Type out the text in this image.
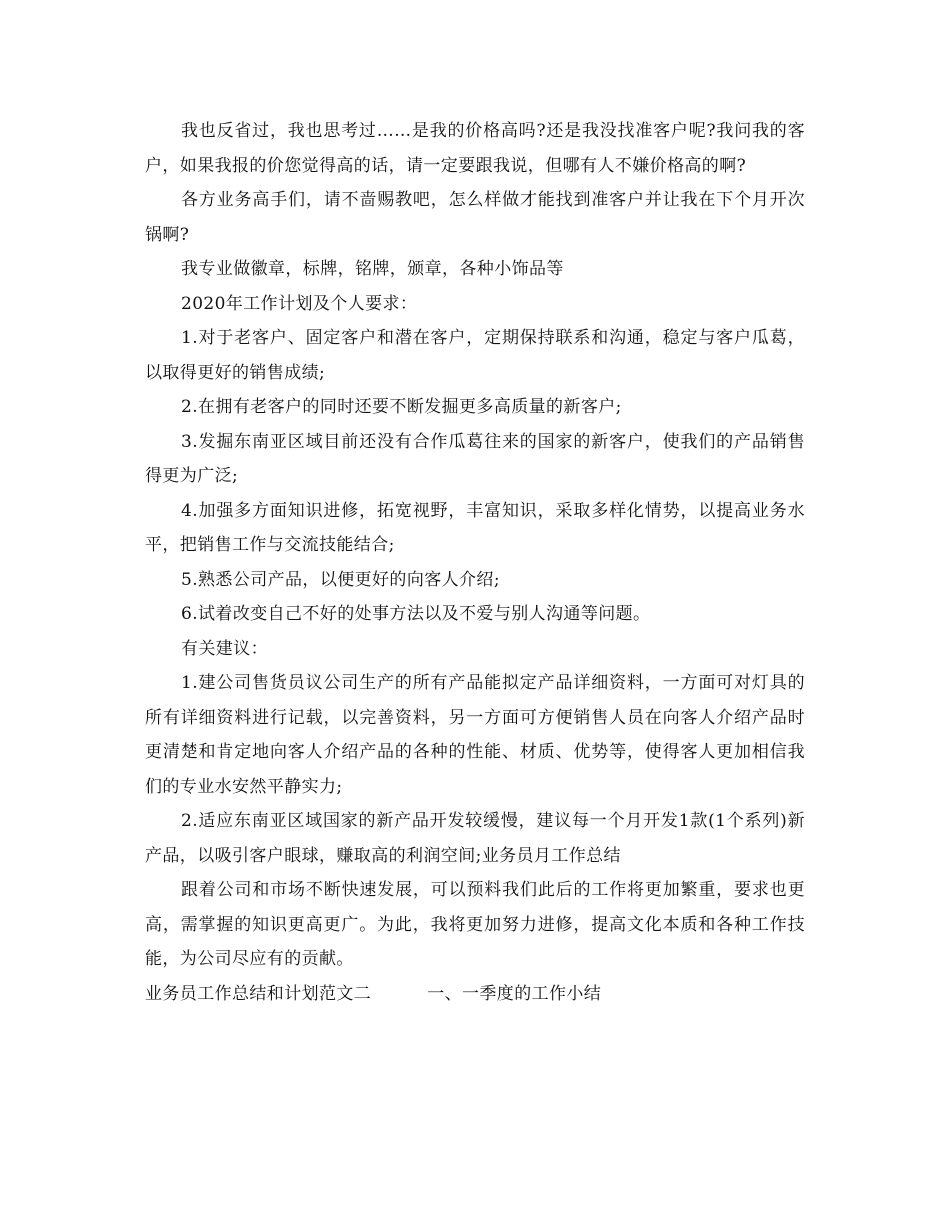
我也反省过，我也思考过……是我的价格高吗?还是我没找准客户呢?我问我的客户，如果我报的价您觉得高的话，请一定要跟我说，但哪有人不嫌价格高的啊?

各方业务高手们，请不啬赐教吧，怎么样做才能找到准客户并让我在下个月开次锅啊?

我专业做徽章，标牌，铭牌，颁章，各种小饰品等

2020年工作计划及个人要求：

1.对于老客户、固定客户和潜在客户，定期保持联系和沟通，稳定与客户瓜葛，以取得更好的销售成绩;

2.在拥有老客户的同时还要不断发掘更多高质量的新客户;

3.发掘东南亚区域目前还没有合作瓜葛往来的国家的新客户，使我们的产品销售得更为广泛;

4.加强多方面知识进修，拓宽视野，丰富知识，采取多样化情势，以提高业务水平，把销售工作与交流技能结合;

5.熟悉公司产品，以便更好的向客人介绍;

6.试着改变自己不好的处事方法以及不爱与别人沟通等问题。

有关建议：

1.建公司售货员议公司生产的所有产品能拟定产品详细资料，一方面可对灯具的所有详细资料进行记载，以完善资料，另一方面可方便销售人员在向客人介绍产品时更清楚和肯定地向客人介绍产品的各种的性能、材质、优势等，使得客人更加相信我们的专业水安然平静实力;

2.适应东南亚区域国家的新产品开发较缓慢，建议每一个月开发1款(1个系列)新产品，以吸引客户眼球，赚取高的利润空间;业务员月工作总结

跟着公司和市场不断快速发展，可以预料我们此后的工作将更加繁重，要求也更高，需掌握的知识更高更广。为此，我将更加努力进修，提高文化本质和各种工作技能，为公司尽应有的贡献。

业务员工作总结和计划范文二	一、一季度的工作小结
